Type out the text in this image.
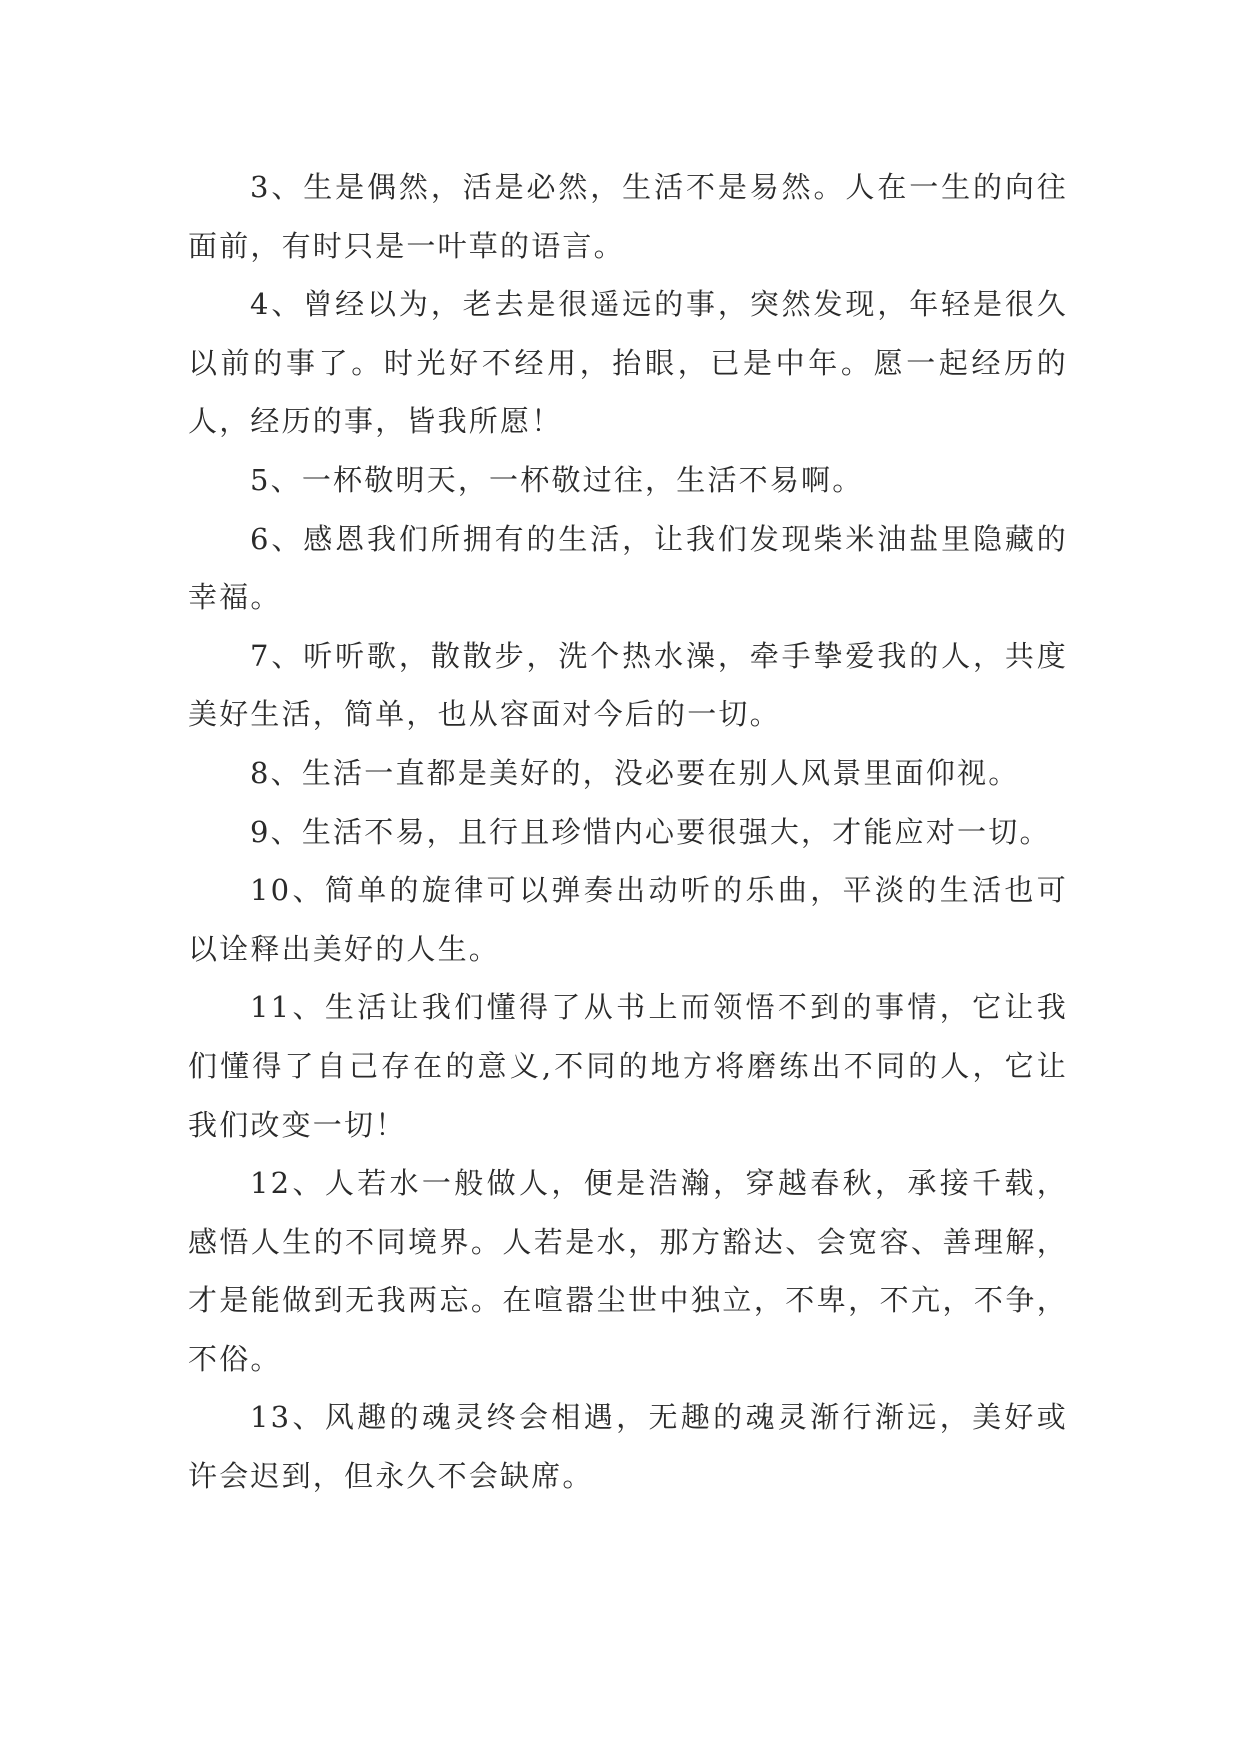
3、生是偶然，活是必然，生活不是易然。人在一生的向往面前，有时只是一叶草的语言。

4、曾经以为，老去是很遥远的事，突然发现，年轻是很久以前的事了。时光好不经用，抬眼，已是中年。愿一起经历的人，经历的事，皆我所愿！

5、一杯敬明天，一杯敬过往，生活不易啊。

6、感恩我们所拥有的生活，让我们发现柴米油盐里隐藏的幸福。

7、听听歌，散散步，洗个热水澡，牵手挚爱我的人，共度美好生活，简单，也从容面对今后的一切。

8、生活一直都是美好的，没必要在别人风景里面仰视。

9、生活不易，且行且珍惜内心要很强大，才能应对一切。

10、简单的旋律可以弹奏出动听的乐曲，平淡的生活也可以诠释出美好的人生。

11、生活让我们懂得了从书上而领悟不到的事情，它让我们懂得了自己存在的意义,不同的地方将磨练出不同的人，它让我们改变一切！

12、人若水一般做人，便是浩瀚，穿越春秋，承接千载，感悟人生的不同境界。人若是水，那方豁达、会宽容、善理解，才是能做到无我两忘。在喧嚣尘世中独立，不卑，不亢，不争，不俗。

13、风趣的魂灵终会相遇，无趣的魂灵渐行渐远，美好或许会迟到，但永久不会缺席。
